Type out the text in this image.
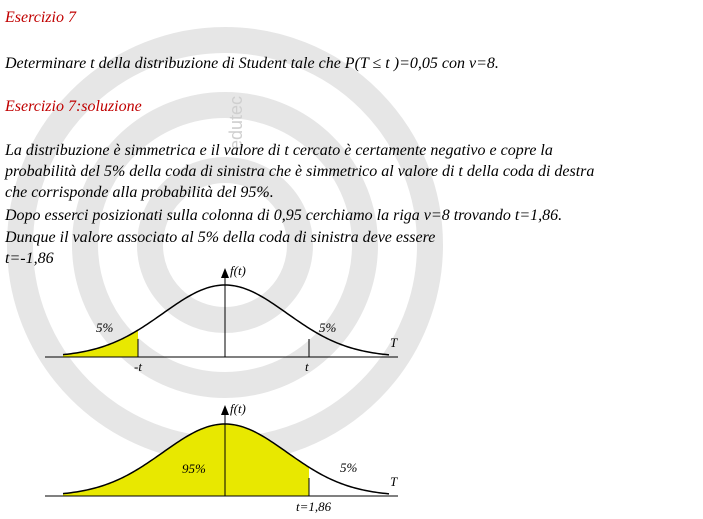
edutec
Esercizio 7
Determinare t della distribuzione di Student tale che P(T ≤ t )=0,05 con ν=8.
Esercizio 7:soluzione
La distribuzione è simmetrica e il valore di t cercato è certamente negativo e copre la
probabilità del 5% della coda di sinistra che è simmetrico al valore di t della coda di destra
che corrisponde alla probabilità del 95%.
Dopo esserci posizionati sulla colonna di 0,95 cerchiamo la riga ν=8 trovando t=1,86.
Dunque il valore associato al 5% della coda di sinistra deve essere
t=-1,86
f(t)
T
5%	5%
-t	t
f(t)
T
95%	5%
t=1,86
